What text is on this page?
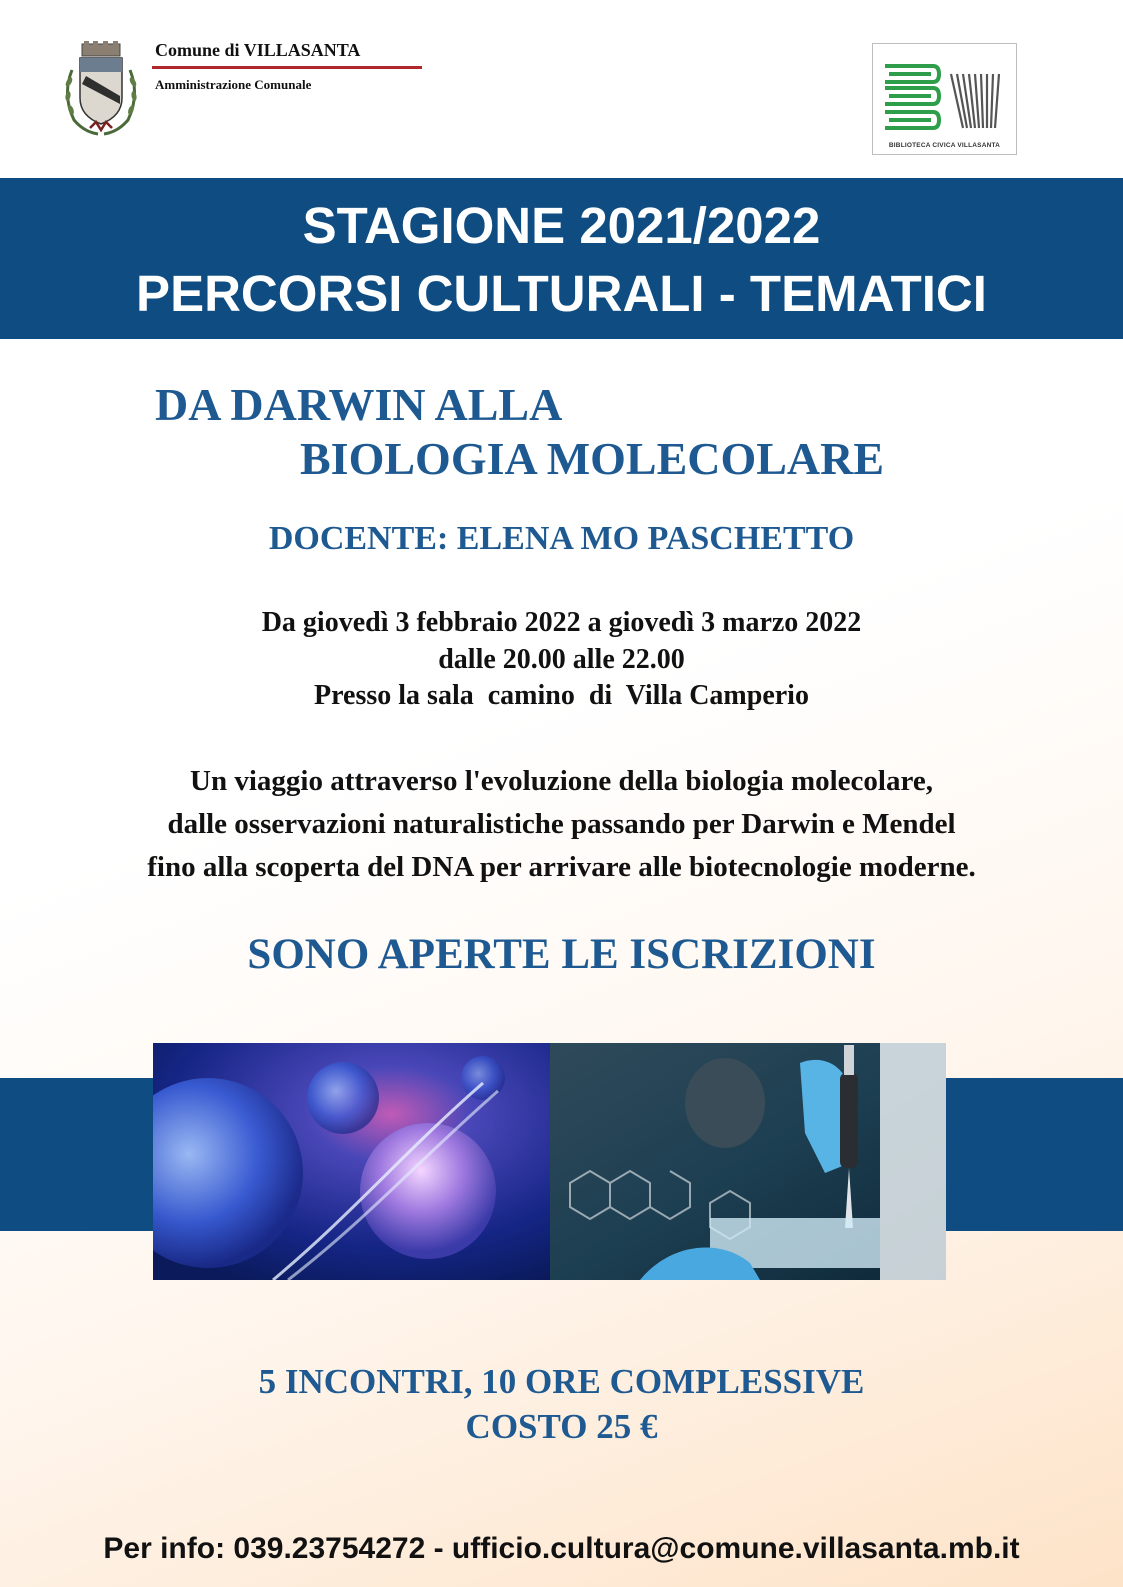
Comune di VILLASANTA
Amministrazione Comunale
BIBLIOTECA CIVICA VILLASANTA
STAGIONE 2021/2022
PERCORSI CULTURALI - TEMATICI
DA DARWIN ALLA
BIOLOGIA MOLECOLARE
DOCENTE: ELENA MO PASCHETTO
Da giovedì 3 febbraio 2022 a giovedì 3 marzo 2022
dalle 20.00 alle 22.00
Presso la sala  camino  di  Villa Camperio
Un viaggio attraverso l'evoluzione della biologia molecolare,
dalle osservazioni naturalistiche passando per Darwin e Mendel
fino alla scoperta del DNA per arrivare alle biotecnologie moderne.
SONO APERTE LE ISCRIZIONI
5 INCONTRI, 10 ORE COMPLESSIVE
COSTO 25 €
Per info: 039.23754272 - ufficio.cultura@comune.villasanta.mb.it
